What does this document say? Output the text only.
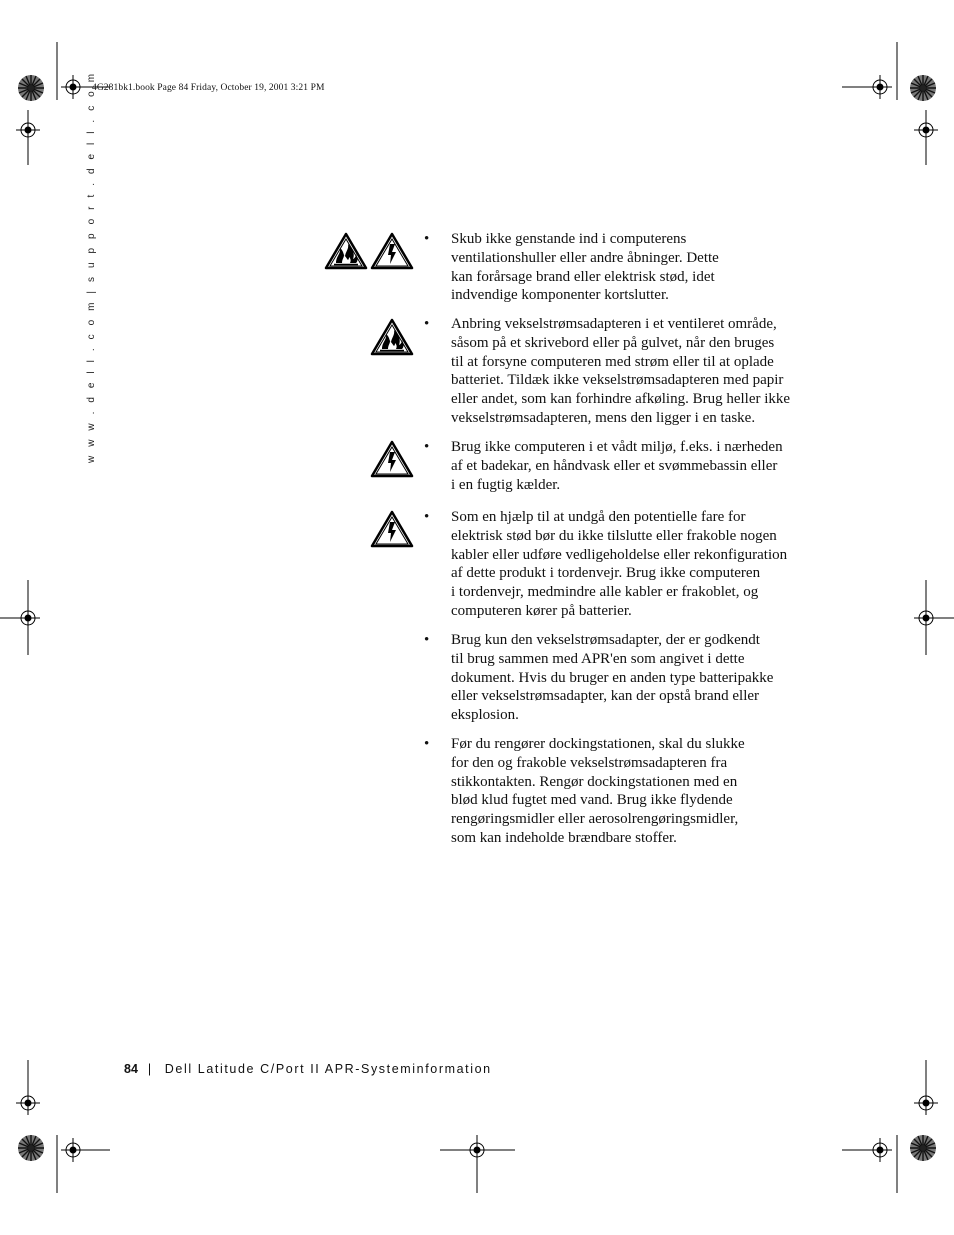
4G281bk1.book Page 84 Friday, October 19, 2001 3:21 PM
w w w . d e l l . c o m | s u p p o r t . d e l l . c o m	•	Skub ikke genstande ind i computerens
ventilationshuller eller andre åbninger. Dette
kan forårsage brand eller elektrisk stød, idet
indvendige komponenter kortslutter.
•	Anbring vekselstrømsadapteren i et ventileret område,
såsom på et skrivebord eller på gulvet, når den bruges
til at forsyne computeren med strøm eller til at oplade
batteriet. Tildæk ikke vekselstrømsadapteren med papir
eller andet, som kan forhindre afkøling. Brug heller ikke
vekselstrømsadapteren, mens den ligger i en taske.
•	Brug ikke computeren i et vådt miljø, f.eks. i nærheden
af et badekar, en håndvask eller et svømmebassin eller
i en fugtig kælder.
•	Som en hjælp til at undgå den potentielle fare for
elektrisk stød bør du ikke tilslutte eller frakoble nogen
kabler eller udføre vedligeholdelse eller rekonfiguration
af dette produkt i tordenvejr. Brug ikke computeren
i tordenvejr, medmindre alle kabler er frakoblet, og
computeren kører på batterier.
•	Brug kun den vekselstrømsadapter, der er godkendt
til brug sammen med APR'en som angivet i dette
dokument. Hvis du bruger en anden type batteripakke
eller vekselstrømsadapter, kan der opstå brand eller
eksplosion.
•	Før du rengører dockingstationen, skal du slukke
for den og frakoble vekselstrømsadapteren fra
stikkontakten. Rengør dockingstationen med en
blød klud fugtet med vand. Brug ikke flydende
rengøringsmidler eller aerosolrengøringsmidler,
som kan indeholde brændbare stoffer.
84 | Dell Latitude C/Port II APR-Systeminformation
